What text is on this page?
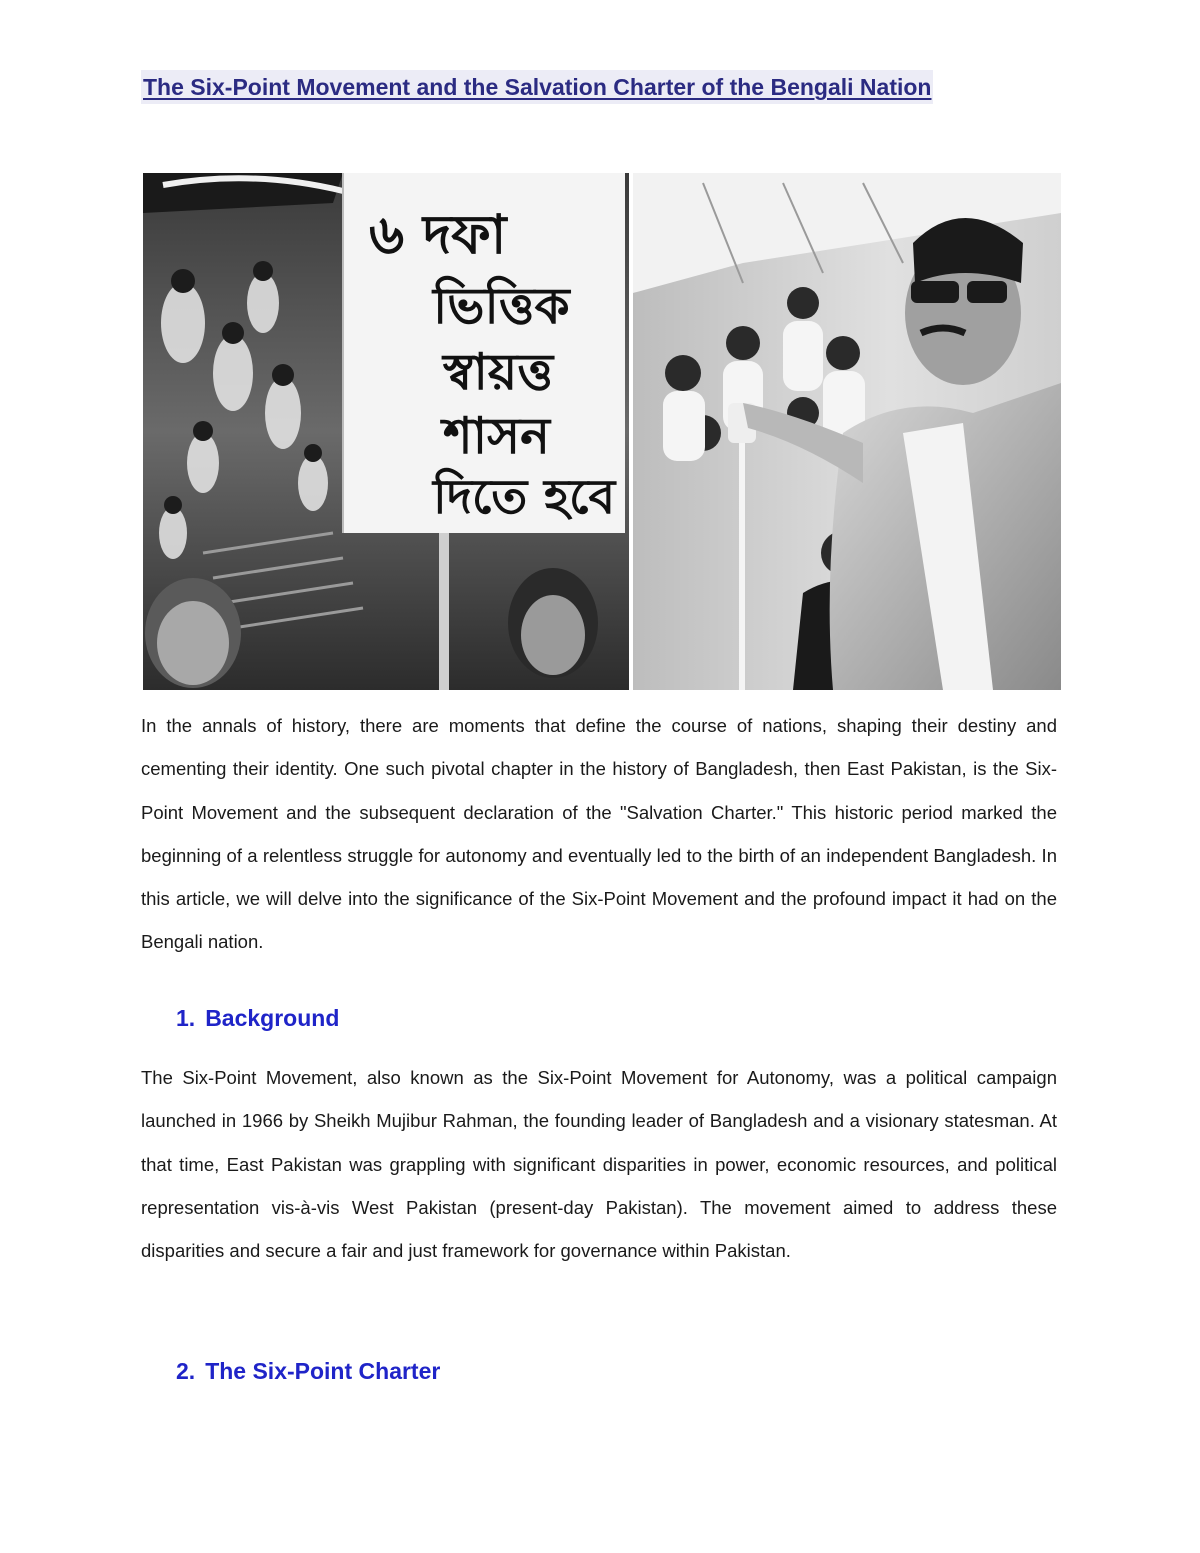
The Six-Point Movement and the Salvation Charter of the Bengali Nation
৬ দফা
ভিত্তিক
স্বায়ত্ত
শাসন
দিতে হবে

In the annals of history, there are moments that define the course of nations, shaping their destiny and cementing their identity. One such pivotal chapter in the history of Bangladesh, then East Pakistan, is the Six-Point Movement and the subsequent declaration of the "Salvation Charter." This historic period marked the beginning of a relentless struggle for autonomy and eventually led to the birth of an independent Bangladesh. In this article, we will delve into the significance of the Six-Point Movement and the profound impact it had on the Bengali nation.

1. Background

The Six-Point Movement, also known as the Six-Point Movement for Autonomy, was a political campaign launched in 1966 by Sheikh Mujibur Rahman, the founding leader of Bangladesh and a visionary statesman. At that time, East Pakistan was grappling with significant disparities in power, economic resources, and political representation vis-à-vis West Pakistan (present-day Pakistan). The movement aimed to address these disparities and secure a fair and just framework for governance within Pakistan.

2. The Six-Point Charter
